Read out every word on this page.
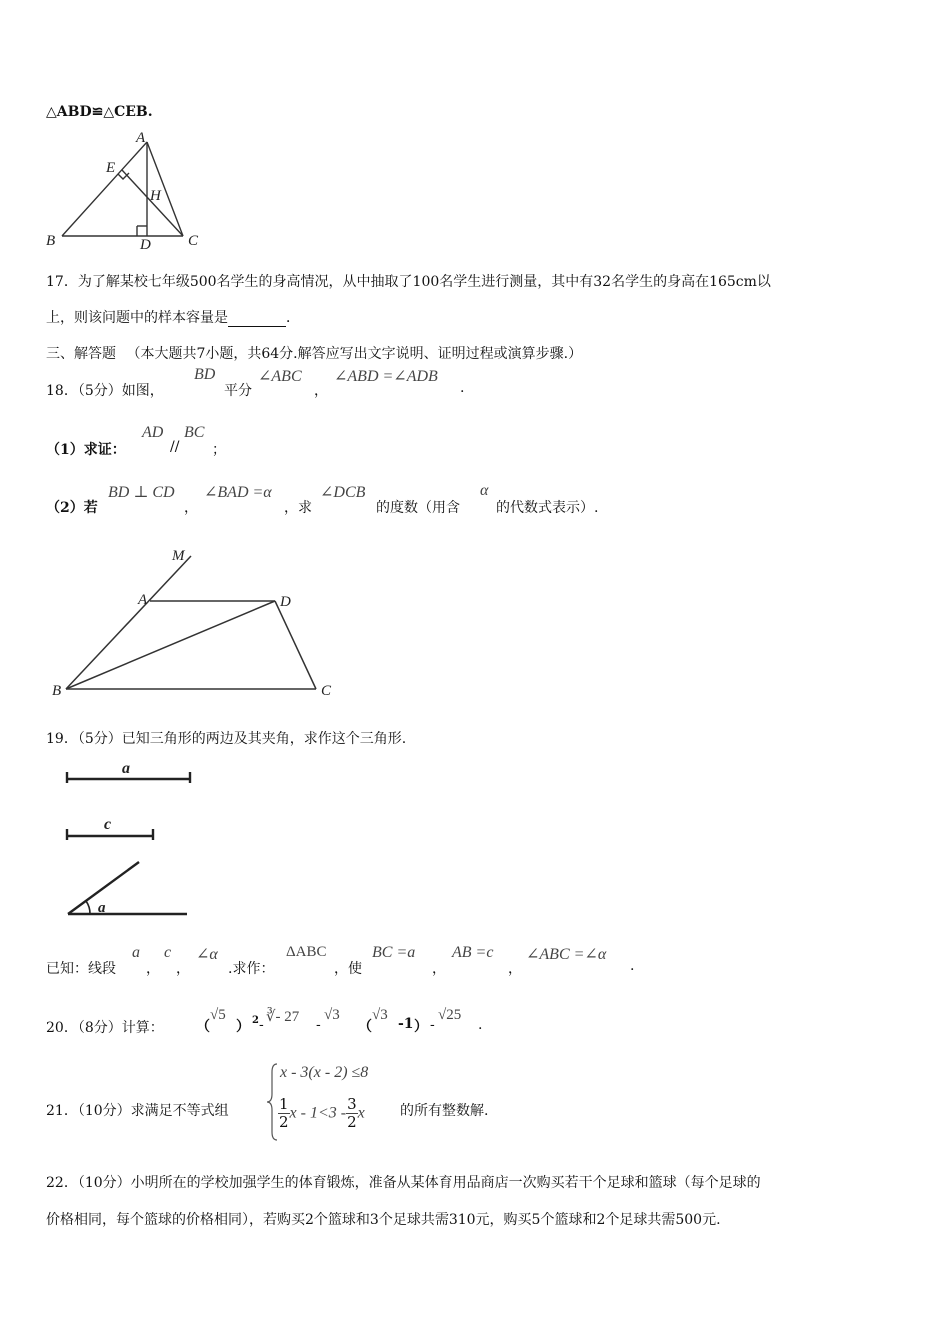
△ABD≌△CEB.
A
E
H
B	D C
17．为了解某校七年级500名学生的身高情况，从中抽取了100名学生进行测量，其中有32名学生的身高在165cm以
上，则该问题中的样本容量是	．
三、解答题 （本大题共7小题，共64分.解答应写出文字说明、证明过程或演算步骤.）
18．（5分）如图，
BD
平分
∠ABC
，
∠ABD =∠ADB
.
（1）求证：
AD
//
BC
；
（2）若
BD ⊥ CD
，
∠BAD =α
，求
∠DCB
的度数（用含
α
的代数式表示）.
M
A	D
B	C
19．（5分）已知三角形的两边及其夹角，求作这个三角形.
a
c
a
已知：线段
a
，
c
，
∠α
.求作：
ΔABC
，使
BC =a
，
AB =c
，
∠ABC =∠α
.
20．（8分）计算： （
√5
） 2 - ∛- 27 -
√3
（
√3
-1 ） -
√25
.
21．（10分）求满足不等式组
x - 3(x - 2) ≤8
$\frac{1}{2}$ $x - 1<3 - \frac{3}{2}$ x	的所有整数解.
22．（10分）小明所在的学校加强学生的体育锻炼，准备从某体育用品商店一次购买若干个足球和篮球（每个足球的
价格相同，每个篮球的价格相同），若购买2个篮球和3个足球共需310元，购买5个篮球和2个足球共需500元.
